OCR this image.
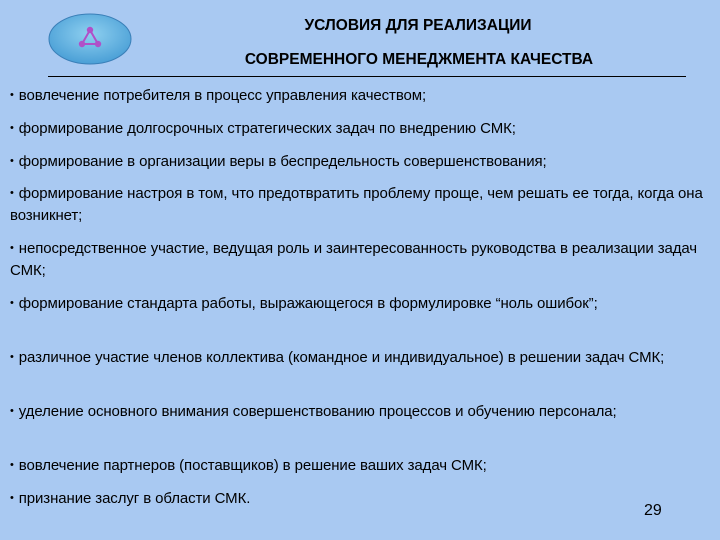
УСЛОВИЯ ДЛЯ РЕАЛИЗАЦИИ
СОВРЕМЕННОГО МЕНЕДЖМЕНТА КАЧЕСТВА
• вовлечение потребителя в процесс управления качеством;
• формирование долгосрочных стратегических задач по внедрению СМК;
• формирование в организации веры в беспредельность совершенствования;
• формирование настроя в том, что предотвратить проблему проще, чем решать ее тогда, когда она возникнет;
• непосредственное участие, ведущая роль и заинтересованность руководства в реализации задач СМК;
• формирование стандарта работы, выражающегося в формулировке “ноль ошибок”;
• различное участие членов коллектива (командное и индивидуальное) в решении задач СМК;
• уделение основного внимания совершенствованию процессов и обучению персонала;
• вовлечение партнеров (поставщиков) в решение ваших задач СМК;
• признание заслуг в области СМК.
29
